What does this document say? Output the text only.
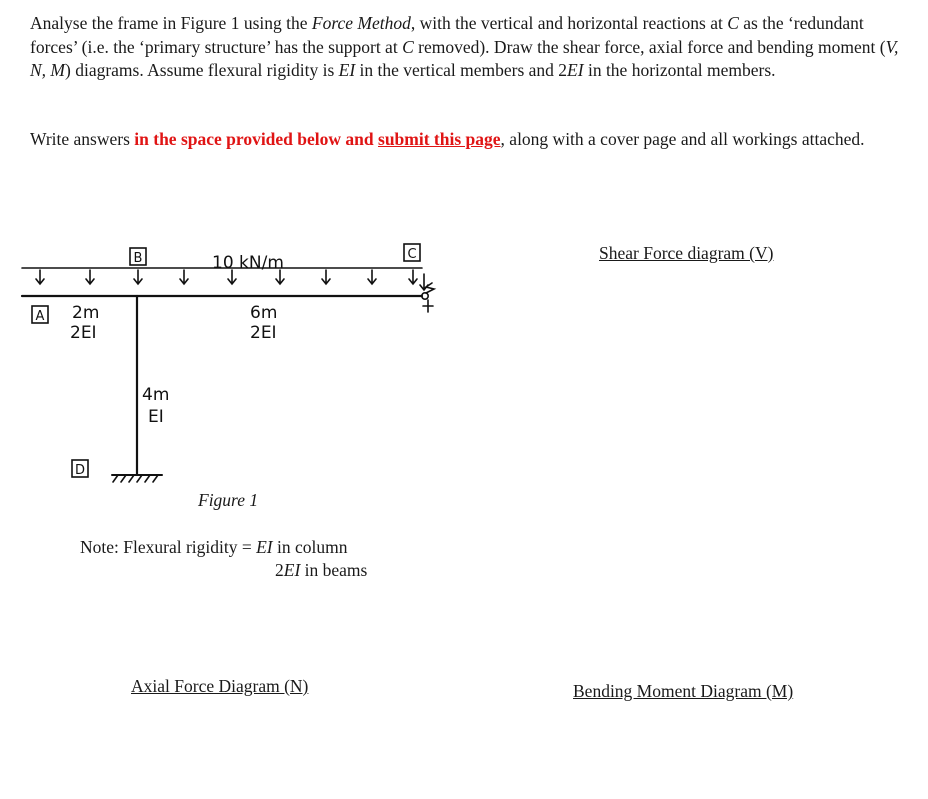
Analyse the frame in Figure 1 using the Force Method, with the vertical and horizontal reactions at C as the ‘redundant forces’ (i.e. the ‘primary structure’ has the support at C removed). Draw the shear force, axial force and bending moment (V, N, M) diagrams. Assume flexural rigidity is EI in the vertical members and 2EI in the horizontal members.
Write answers in the space provided below and submit this page, along with a cover page and all workings attached.
B	C
A
D
10 kN/m
2m
2EI
6m
2EI
4m
EI
Figure 1
Note: Flexural rigidity = EI in column
2EI in beams
Shear Force diagram (V)
Axial Force Diagram (N)	Bending Moment Diagram (M)
